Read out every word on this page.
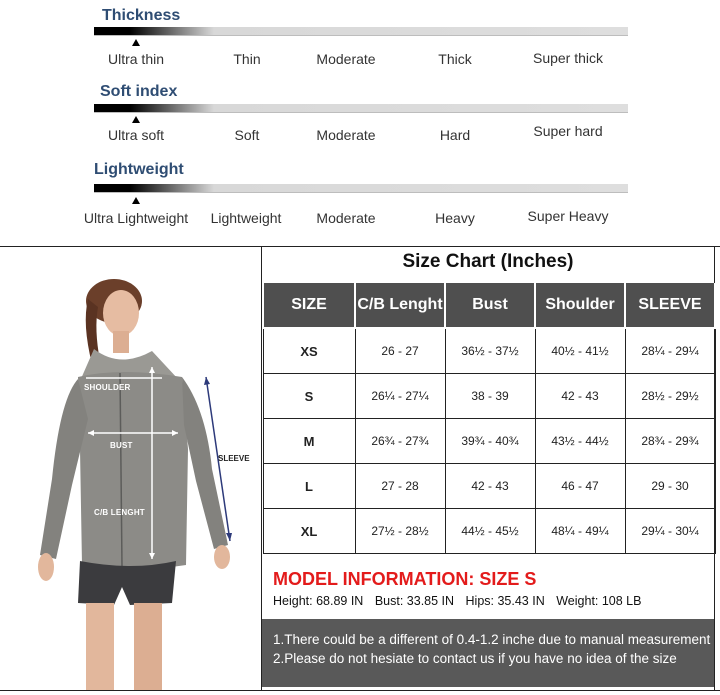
Thickness
Ultra thin	Thin	Moderate	Thick	Super thick
Soft index
Ultra soft	Soft	Moderate	Hard	Super hard
Lightweight
Ultra Lightweight Lightweight	Moderate	Heavy	Super Heavy
SHOULDER
BUST
C/B LENGHT
SLEEVE
Size Chart (Inches)
SIZE	C/B Lenght	Bust	Shoulder	SLEEVE
XS	26 - 27	36½ - 37½	40½ - 41½	28¼ - 29¼
S	26¼ - 27¼	38 - 39	42 - 43	28½ - 29½
M	26¾ - 27¾	39¾ - 40¾	43½ - 44½	28¾ - 29¾
L	27 - 28	42 - 43	46 - 47	29 - 30
XL	27½ - 28½	44½ - 45½	48¼ - 49¼	29¼ - 30¼
MODEL INFORMATION: SIZE S
Height: 68.89 IN Bust: 33.85 IN Hips: 35.43 IN Weight: 108 LB
1.There could be a different of 0.4-1.2 inche due to manual measurement
2.Please do not hesiate to contact us if you have no idea of the size
